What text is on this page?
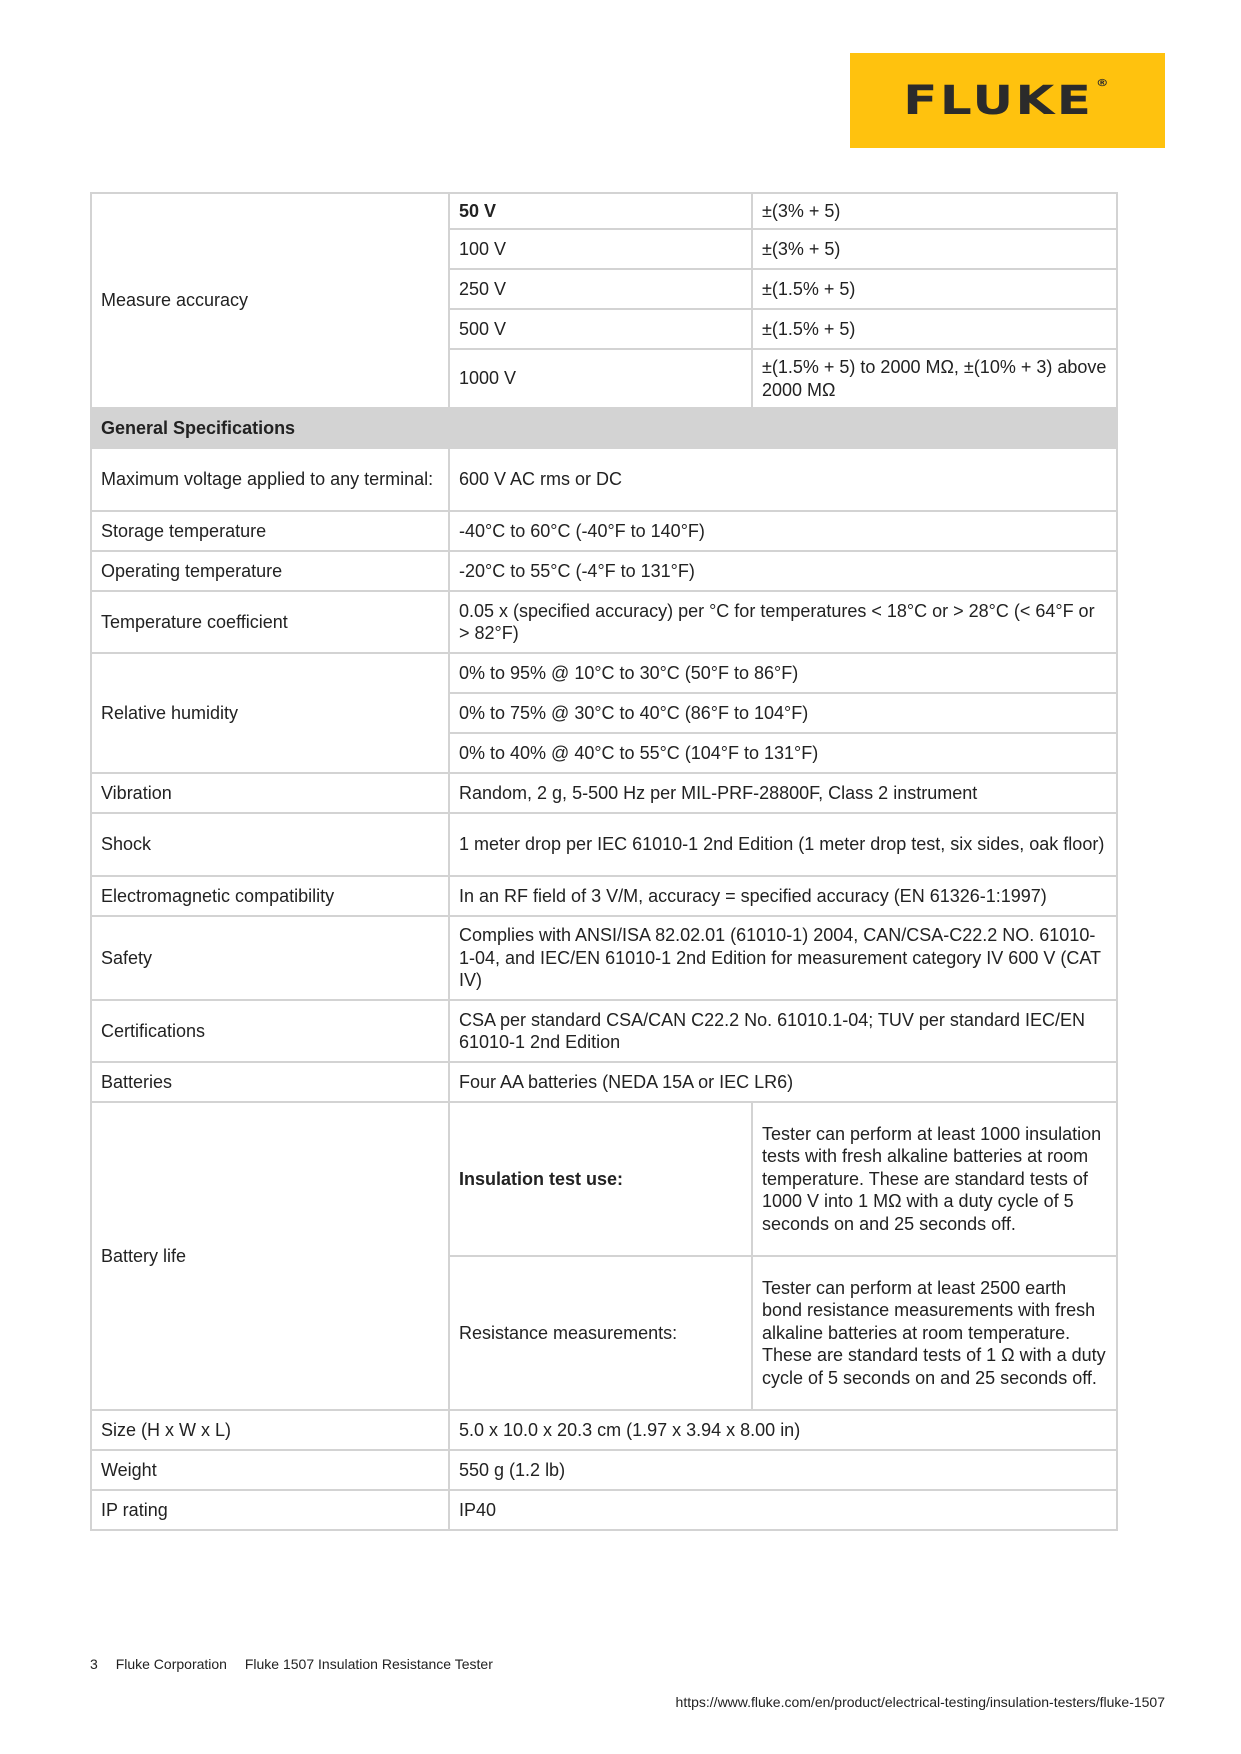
FLUKE ®
Measure accuracy	50 V	±(3% + 5)
	100 V	±(3% + 5)
	250 V	±(1.5% + 5)
	500 V	±(1.5% + 5)
	1000 V	±(1.5% + 5) to 2000 MΩ, ±(10% + 3) above 2000 MΩ
General Specifications		
Maximum voltage applied to any terminal:	600 V AC rms or DC	
Storage temperature	-40°C to 60°C (-40°F to 140°F)	
Operating temperature	-20°C to 55°C (-4°F to 131°F)	
Temperature coefficient	0.05 x (specified accuracy) per °C for temperatures < 18°C or > 28°C (< 64°F or > 82°F)	
Relative humidity	0% to 95% @ 10°C to 30°C (50°F to 86°F)	
	0% to 75% @ 30°C to 40°C (86°F to 104°F)	
	0% to 40% @ 40°C to 55°C (104°F to 131°F)	
Vibration	Random, 2 g, 5-500 Hz per MIL-PRF-28800F, Class 2 instrument	
Shock	1 meter drop per IEC 61010-1 2nd Edition (1 meter drop test, six sides, oak floor)	
Electromagnetic compatibility	In an RF field of 3 V/M, accuracy = specified accuracy (EN 61326-1:1997)	
Safety	Complies with ANSI/ISA 82.02.01 (61010-1) 2004, CAN/CSA-C22.2 NO. 61010-1-04, and IEC/EN 61010-1 2nd Edition for measurement category IV 600 V (CAT IV)	
Certifications	CSA per standard CSA/CAN C22.2 No. 61010.1-04; TUV per standard IEC/EN 61010-1 2nd Edition	
Batteries	Four AA batteries (NEDA 15A or IEC LR6)	
Battery life	Insulation test use:	Tester can perform at least 1000 insulation tests with fresh alkaline batteries at room temperature. These are standard tests of 1000 V into 1 MΩ with a duty cycle of 5 seconds on and 25 seconds off.
	Resistance measurements:	Tester can perform at least 2500 earth bond resistance measurements with fresh alkaline batteries at room temperature. These are standard tests of 1 Ω with a duty cycle of 5 seconds on and 25 seconds off.
Size (H x W x L)	5.0 x 10.0 x 20.3 cm (1.97 x 3.94 x 8.00 in)	
Weight	550 g (1.2 lb)	
IP rating	IP40	
3 Fluke Corporation Fluke 1507 Insulation Resistance Tester
https://www.fluke.com/en/product/electrical-testing/insulation-testers/fluke-1507
